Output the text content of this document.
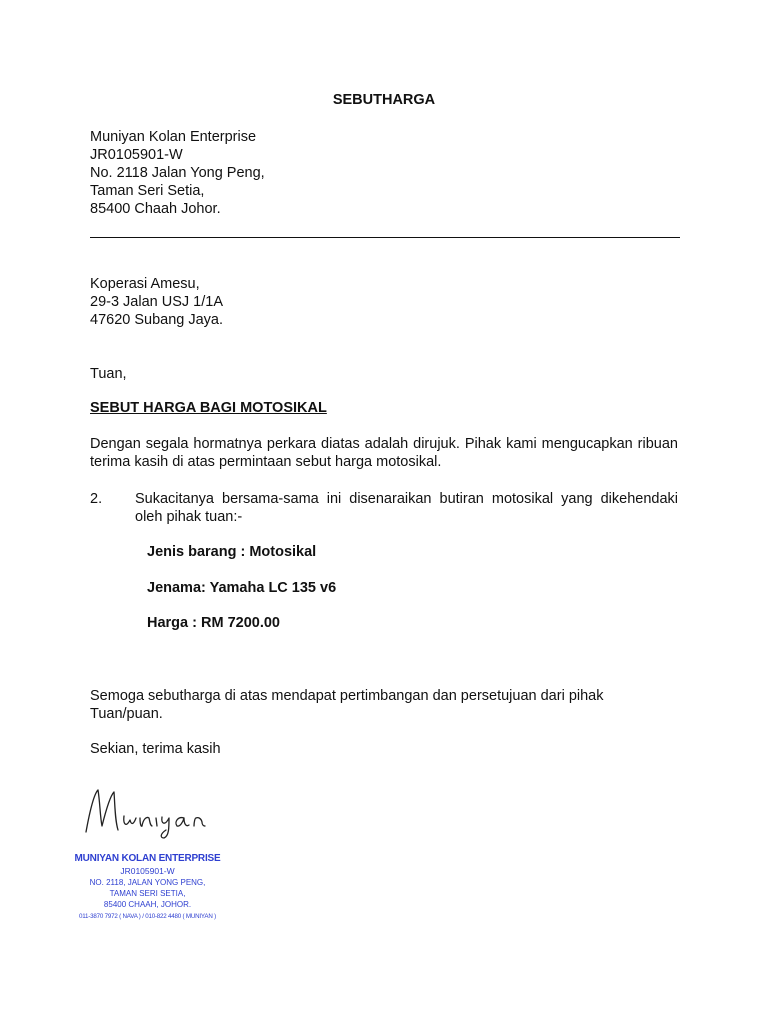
SEBUTHARGA

Muniyan Kolan Enterprise

JR0105901-W

No. 2118 Jalan Yong Peng,

Taman Seri Setia,

85400 Chaah Johor.

Koperasi Amesu,

29-3 Jalan USJ 1/1A

47620 Subang Jaya.

Tuan,

SEBUT HARGA BAGI MOTOSIKAL

Dengan segala hormatnya perkara diatas adalah dirujuk. Pihak kami mengucapkan ribuan terima kasih di atas permintaan sebut harga motosikal.

2. Sukacitanya bersama-sama ini disenaraikan butiran motosikal yang dikehendaki oleh pihak tuan:-

Jenis barang : Motosikal

Jenama: Yamaha LC 135 v6

Harga : RM 7200.00

Semoga sebutharga di atas mendapat pertimbangan dan persetujuan dari pihak Tuan/puan.

Sekian, terima kasih

MUNIYAN KOLAN ENTERPRISE
JR0105901-W
NO. 2118, JALAN YONG PENG,
TAMAN SERI SETIA,
85400 CHAAH, JOHOR.
011-3870 7972 ( NAVA ) / 010-822 4480 ( MUNIYAN )
